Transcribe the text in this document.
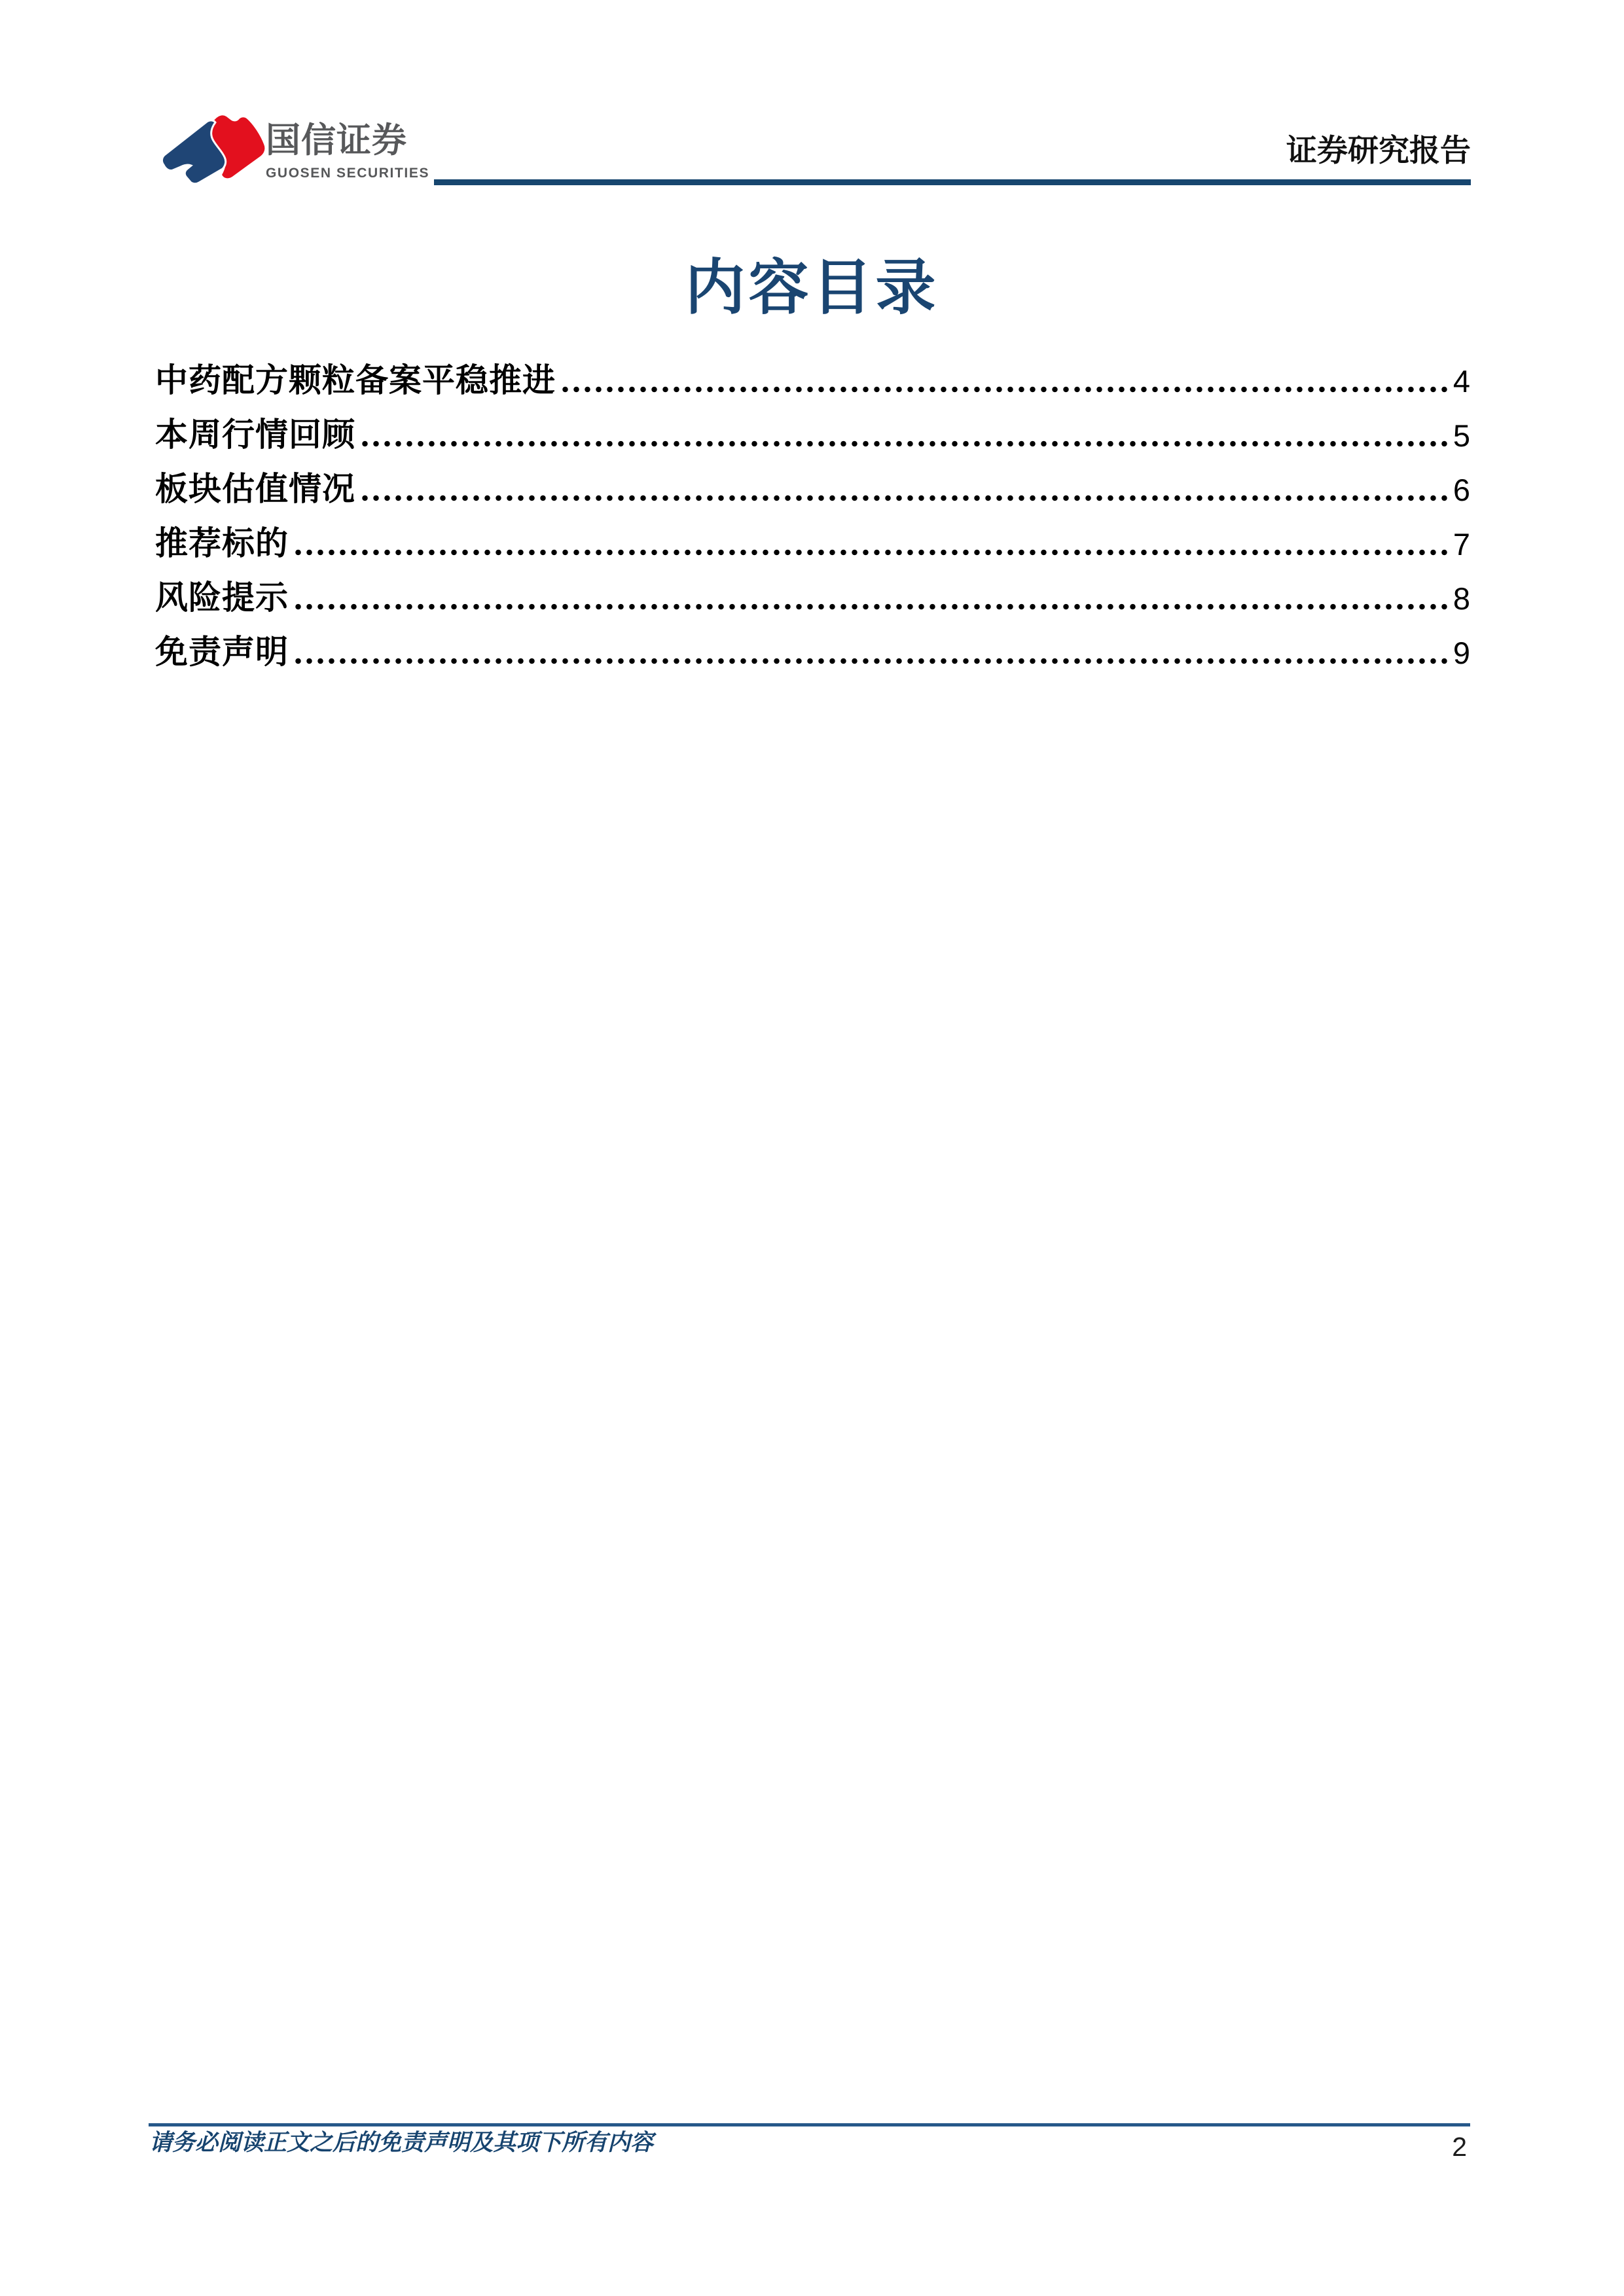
国信证券
GUOSEN SECURITIES
证券研究报告
内容目录
中药配方颗粒备案平稳推进	4
本周行情回顾	5
板块估值情况	6
推荐标的	7
风险提示	8
免责声明	9
请务必阅读正文之后的免责声明及其项下所有内容	2
